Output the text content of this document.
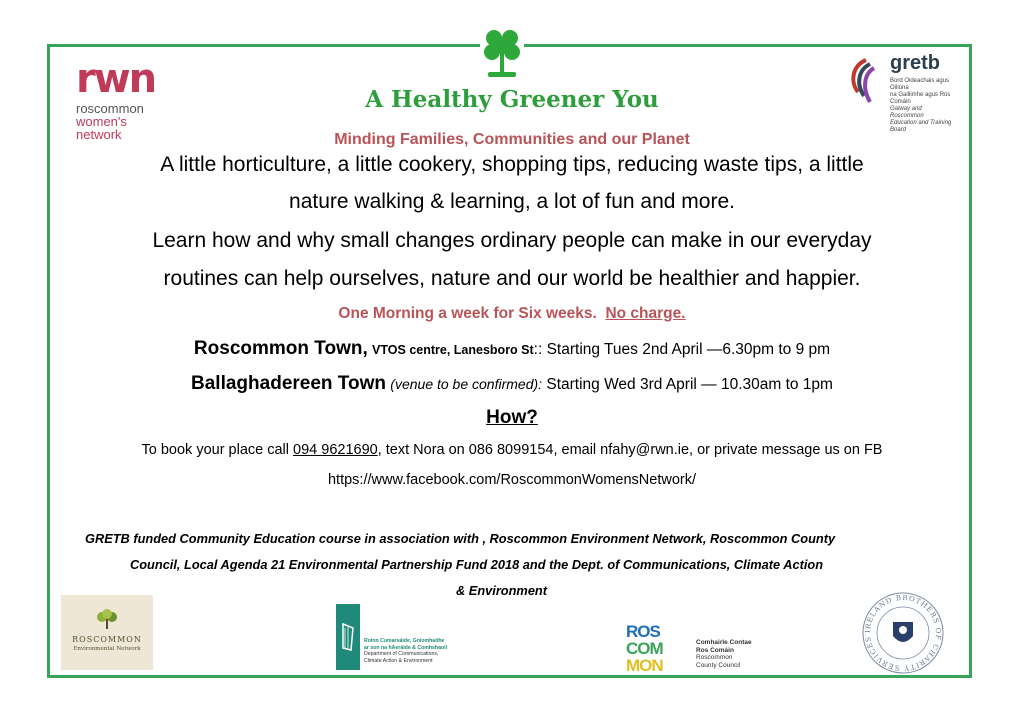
rwn
roscommon
women's
network
gretb
Bord Oideachais agus Oiliúna
na Gaillimhe agus Ros Comáin
Galway and Roscommon
Education and Training Board
A Healthy Greener You
Minding Families, Communities and our Planet
A little horticulture, a little cookery, shopping tips, reducing waste tips, a little
nature walking & learning, a lot of fun and more.
Learn how and why small changes ordinary people can make in our everyday
routines can help ourselves, nature and our world be healthier and happier.
One Morning a week for Six weeks. No charge.
Roscommon Town, VTOS centre, Lanesboro St:: Starting Tues 2nd April —6.30pm to 9 pm
Ballaghadereen Town (venue to be confirmed): Starting Wed 3rd April — 10.30am to 1pm
How?
To book your place call 094 9621690, text Nora on 086 8099154, email nfahy@rwn.ie, or private message us on FB
https://www.facebook.com/RoscommonWomensNetwork/
GRETB funded Community Education course in association with , Roscommon Environment Network, Roscommon County
Council, Local Agenda 21 Environmental Partnership Fund 2018 and the Dept. of Communications, Climate Action
& Environment
ROSCOMMON
Environmental Network
Roinn Cumarsáide, Gníomhaithe
ar son na hAeráide & Comhshaoil
Department of Communications,
Climate Action & Environment
ROS
COM
MON
Comhairle Contae
Ros Comáin
Roscommon
County Council
IRELAND BROTHERS OF CHARITY SERVICES
